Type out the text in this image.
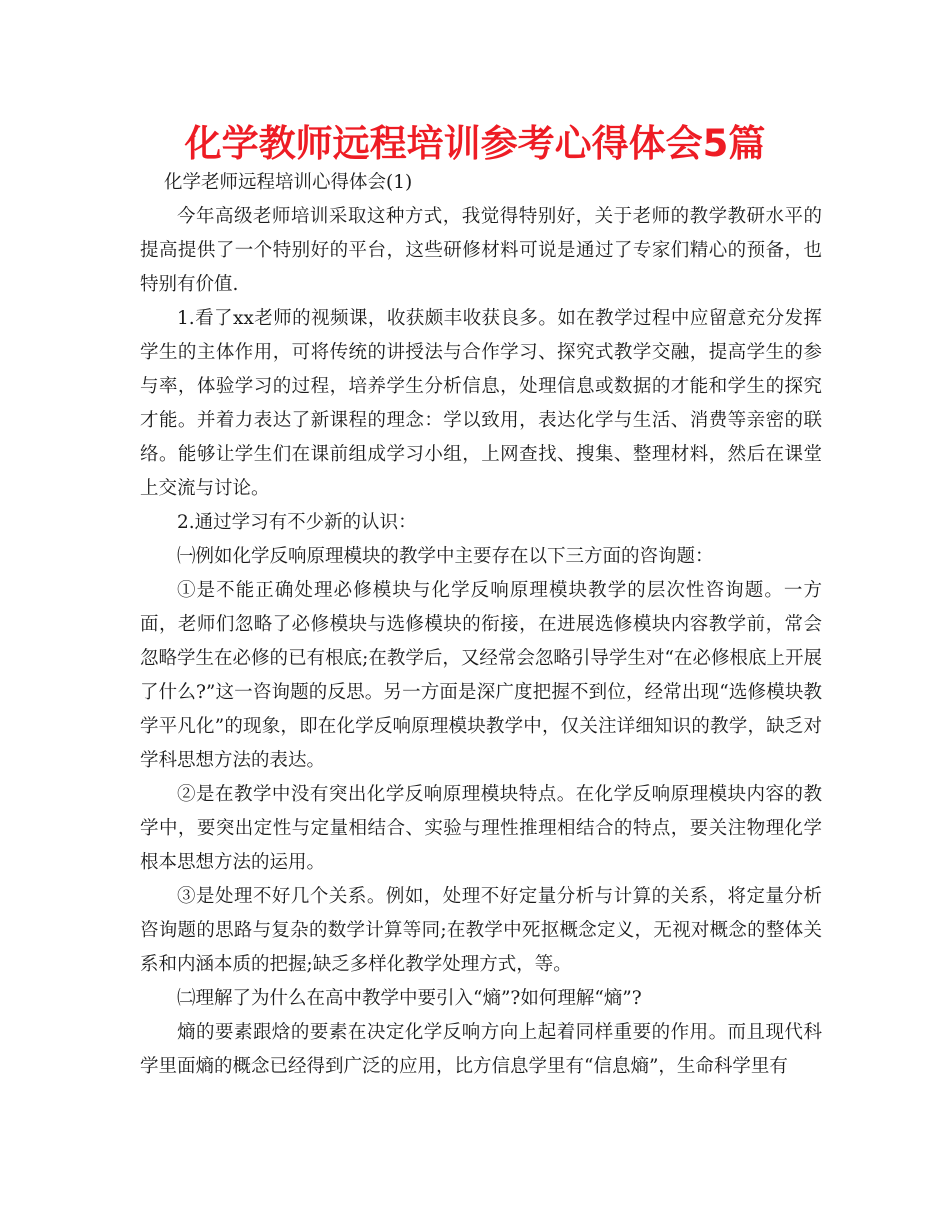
化学教师远程培训参考心得体会5篇

化学老师远程培训心得体会(1)

今年高级老师培训采取这种方式，我觉得特别好，关于老师的教学教研水平的提高提供了一个特别好的平台，这些研修材料可说是通过了专家们精心的预备，也特别有价值.

1.看了xx老师的视频课，收获颇丰收获良多。如在教学过程中应留意充分发挥学生的主体作用，可将传统的讲授法与合作学习、探究式教学交融，提高学生的参与率，体验学习的过程，培养学生分析信息，处理信息或数据的才能和学生的探究才能。并着力表达了新课程的理念：学以致用，表达化学与生活、消费等亲密的联络。能够让学生们在课前组成学习小组，上网查找、搜集、整理材料，然后在课堂上交流与讨论。

2.通过学习有不少新的认识：

㈠例如化学反响原理模块的教学中主要存在以下三方面的咨询题：

①是不能正确处理必修模块与化学反响原理模块教学的层次性咨询题。一方面，老师们忽略了必修模块与选修模块的衔接，在进展选修模块内容教学前，常会忽略学生在必修的已有根底;在教学后，又经常会忽略引导学生对“在必修根底上开展了什么?”这一咨询题的反思。另一方面是深广度把握不到位，经常出现“选修模块教学平凡化”的现象，即在化学反响原理模块教学中，仅关注详细知识的教学，缺乏对学科思想方法的表达。

②是在教学中没有突出化学反响原理模块特点。在化学反响原理模块内容的教学中，要突出定性与定量相结合、实验与理性推理相结合的特点，要关注物理化学根本思想方法的运用。

③是处理不好几个关系。例如，处理不好定量分析与计算的关系，将定量分析咨询题的思路与复杂的数学计算等同;在教学中死抠概念定义，无视对概念的整体关系和内涵本质的把握;缺乏多样化教学处理方式，等。

㈡理解了为什么在高中教学中要引入“熵”?如何理解“熵”?

熵的要素跟焓的要素在决定化学反响方向上起着同样重要的作用。而且现代科学里面熵的概念已经得到广泛的应用，比方信息学里有“信息熵”，生命科学里有
